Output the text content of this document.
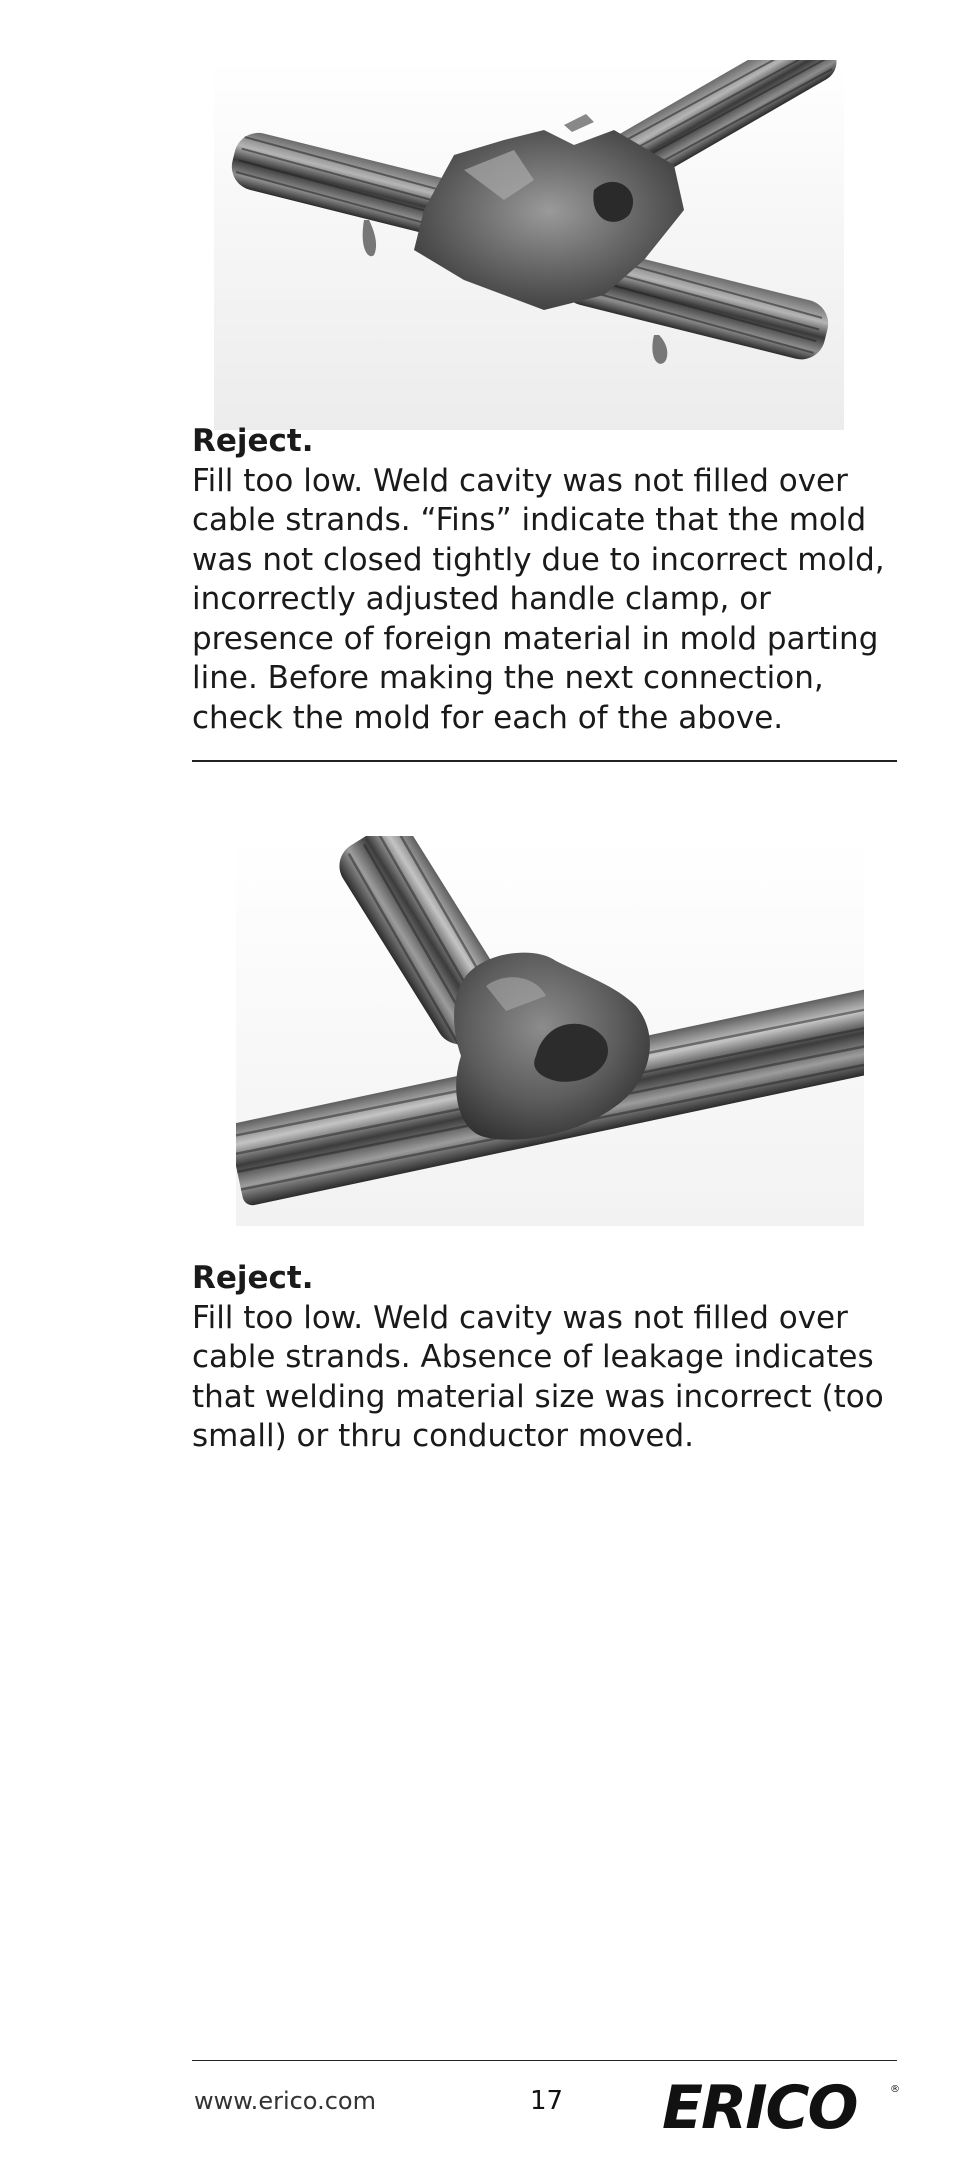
Reject.
Fill too low. Weld cavity was not filled over cable strands. “Fins” indicate that the mold was not closed tightly due to incorrect mold, incorrectly adjusted handle clamp, or presence of foreign material in mold parting line. Before making the next connection, check the mold for each of the above.
Reject.
Fill too low. Weld cavity was not filled over cable strands. Absence of leakage indicates that welding material size was incorrect (too small) or thru conductor moved.
www.erico.com	17 ERICO	®
